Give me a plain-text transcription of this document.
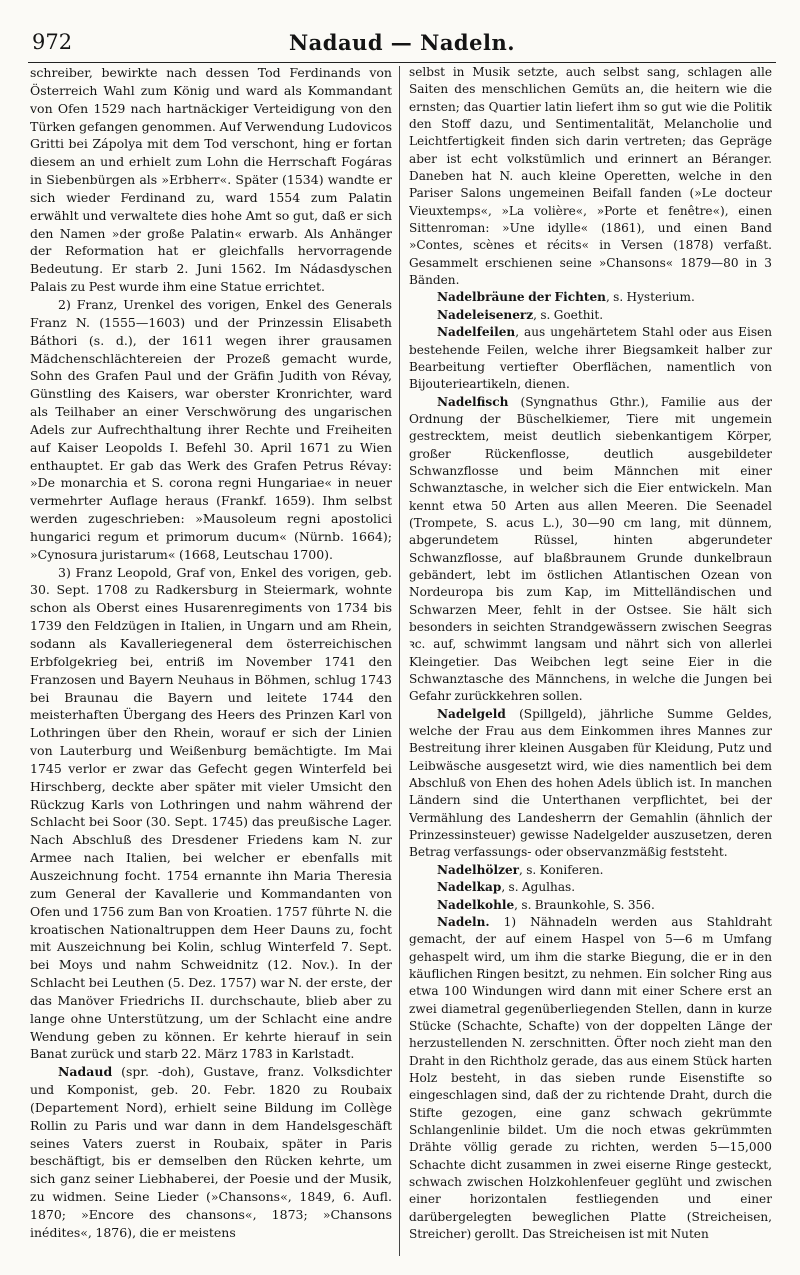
972	Nadaud — Nadeln.

schreiber, bewirkte nach dessen Tod Ferdinands von Österreich Wahl zum König und ward als Kommandant von Ofen 1529 nach hartnäckiger Verteidigung von den Türken gefangen genommen. Auf Verwendung Ludovicos Gritti bei Zápolya mit dem Tod verschont, hing er fortan diesem an und erhielt zum Lohn die Herrschaft Fogáras in Siebenbürgen als »Erbherr«. Später (1534) wandte er sich wieder Ferdinand zu, ward 1554 zum Palatin erwählt und verwaltete dies hohe Amt so gut, daß er sich den Namen »der große Palatin« erwarb. Als Anhänger der Reformation hat er gleichfalls hervorragende Bedeutung. Er starb 2. Juni 1562. Im Nádasdyschen Palais zu Pest wurde ihm eine Statue errichtet.

2) Franz, Urenkel des vorigen, Enkel des Generals Franz N. (1555—1603) und der Prinzessin Elisabeth Báthori (s. d.), der 1611 wegen ihrer grausamen Mädchenschlächtereien der Prozeß gemacht wurde, Sohn des Grafen Paul und der Gräfin Judith von Révay, Günstling des Kaisers, war oberster Kronrichter, ward als Teilhaber an einer Verschwörung des ungarischen Adels zur Aufrechthaltung ihrer Rechte und Freiheiten auf Kaiser Leopolds I. Befehl 30. April 1671 zu Wien enthauptet. Er gab das Werk des Grafen Petrus Révay: »De monarchia et S. corona regni Hungariae« in neuer vermehrter Auflage heraus (Frankf. 1659). Ihm selbst werden zugeschrieben: »Mausoleum regni apostolici hungarici regum et primorum ducum« (Nürnb. 1664); »Cynosura juristarum« (1668, Leutschau 1700).

3) Franz Leopold, Graf von, Enkel des vorigen, geb. 30. Sept. 1708 zu Radkersburg in Steiermark, wohnte schon als Oberst eines Husarenregiments von 1734 bis 1739 den Feldzügen in Italien, in Ungarn und am Rhein, sodann als Kavalleriegeneral dem österreichischen Erbfolgekrieg bei, entriß im November 1741 den Franzosen und Bayern Neuhaus in Böhmen, schlug 1743 bei Braunau die Bayern und leitete 1744 den meisterhaften Übergang des Heers des Prinzen Karl von Lothringen über den Rhein, worauf er sich der Linien von Lauterburg und Weißenburg bemächtigte. Im Mai 1745 verlor er zwar das Gefecht gegen Winterfeld bei Hirschberg, deckte aber später mit vieler Umsicht den Rückzug Karls von Lothringen und nahm während der Schlacht bei Soor (30. Sept. 1745) das preußische Lager. Nach Abschluß des Dresdener Friedens kam N. zur Armee nach Italien, bei welcher er ebenfalls mit Auszeichnung focht. 1754 ernannte ihn Maria Theresia zum General der Kavallerie und Kommandanten von Ofen und 1756 zum Ban von Kroatien. 1757 führte N. die kroatischen Nationaltruppen dem Heer Dauns zu, focht mit Auszeichnung bei Kolin, schlug Winterfeld 7. Sept. bei Moys und nahm Schweidnitz (12. Nov.). In der Schlacht bei Leuthen (5. Dez. 1757) war N. der erste, der das Manöver Friedrichs II. durchschaute, blieb aber zu lange ohne Unterstützung, um der Schlacht eine andre Wendung geben zu können. Er kehrte hierauf in sein Banat zurück und starb 22. März 1783 in Karlstadt.

Nadaud (spr. -doh), Gustave, franz. Volksdichter und Komponist, geb. 20. Febr. 1820 zu Roubaix (Departement Nord), erhielt seine Bildung im Collège Rollin zu Paris und war dann in dem Handelsgeschäft seines Vaters zuerst in Roubaix, später in Paris beschäftigt, bis er demselben den Rücken kehrte, um sich ganz seiner Liebhaberei, der Poesie und der Musik, zu widmen. Seine Lieder (»Chansons«, 1849, 6. Aufl. 1870; »Encore des chansons«, 1873; »Chansons inédites«, 1876), die er meistens

selbst in Musik setzte, auch selbst sang, schlagen alle Saiten des menschlichen Gemüts an, die heitern wie die ernsten; das Quartier latin liefert ihm so gut wie die Politik den Stoff dazu, und Sentimentalität, Melancholie und Leichtfertigkeit finden sich darin vertreten; das Gepräge aber ist echt volkstümlich und erinnert an Béranger. Daneben hat N. auch kleine Operetten, welche in den Pariser Salons ungemeinen Beifall fanden (»Le docteur Vieuxtemps«, »La volière«, »Porte et fenêtre«), einen Sittenroman: »Une idylle« (1861), und einen Band »Contes, scènes et récits« in Versen (1878) verfaßt. Gesammelt erschienen seine »Chansons« 1879—80 in 3 Bänden.

Nadelbräune der Fichten, s. Hysterium.

Nadeleisenerz, s. Goethit.

Nadelfeilen, aus ungehärtetem Stahl oder aus Eisen bestehende Feilen, welche ihrer Biegsamkeit halber zur Bearbeitung vertiefter Oberflächen, namentlich von Bijouterieartikeln, dienen.

Nadelfisch (Syngnathus Gthr.), Familie aus der Ordnung der Büschelkiemer, Tiere mit ungemein gestrecktem, meist deutlich siebenkantigem Körper, großer Rückenflosse, deutlich ausgebildeter Schwanzflosse und beim Männchen mit einer Schwanztasche, in welcher sich die Eier entwickeln. Man kennt etwa 50 Arten aus allen Meeren. Die Seenadel (Trompete, S. acus L.), 30—90 cm lang, mit dünnem, abgerundetem Rüssel, hinten abgerundeter Schwanzflosse, auf blaßbraunem Grunde dunkelbraun gebändert, lebt im östlichen Atlantischen Ozean von Nordeuropa bis zum Kap, im Mittelländischen und Schwarzen Meer, fehlt in der Ostsee. Sie hält sich besonders in seichten Strandgewässern zwischen Seegras ꝛc. auf, schwimmt langsam und nährt sich von allerlei Kleingetier. Das Weibchen legt seine Eier in die Schwanztasche des Männchens, in welche die Jungen bei Gefahr zurückkehren sollen.

Nadelgeld (Spillgeld), jährliche Summe Geldes, welche der Frau aus dem Einkommen ihres Mannes zur Bestreitung ihrer kleinen Ausgaben für Kleidung, Putz und Leibwäsche ausgesetzt wird, wie dies namentlich bei dem Abschluß von Ehen des hohen Adels üblich ist. In manchen Ländern sind die Unterthanen verpflichtet, bei der Vermählung des Landesherrn der Gemahlin (ähnlich der Prinzessinsteuer) gewisse Nadelgelder auszusetzen, deren Betrag verfassungs- oder observanzmäßig feststeht.

Nadelhölzer, s. Koniferen.

Nadelkap, s. Agulhas.

Nadelkohle, s. Braunkohle, S. 356.

Nadeln. 1) Nähnadeln werden aus Stahldraht gemacht, der auf einem Haspel von 5—6 m Umfang gehaspelt wird, um ihm die starke Biegung, die er in den käuflichen Ringen besitzt, zu nehmen. Ein solcher Ring aus etwa 100 Windungen wird dann mit einer Schere erst an zwei diametral gegenüberliegenden Stellen, dann in kurze Stücke (Schachte, Schafte) von der doppelten Länge der herzustellenden N. zerschnitten. Öfter noch zieht man den Draht in den Richtholz gerade, das aus einem Stück harten Holz besteht, in das sieben runde Eisenstifte so eingeschlagen sind, daß der zu richtende Draht, durch die Stifte gezogen, eine ganz schwach gekrümmte Schlangenlinie bildet. Um die noch etwas gekrümmten Drähte völlig gerade zu richten, werden 5—15,000 Schachte dicht zusammen in zwei eiserne Ringe gesteckt, schwach zwischen Holzkohlenfeuer geglüht und zwischen einer horizontalen festliegenden und einer darübergelegten beweglichen Platte (Streicheisen, Streicher) gerollt. Das Streicheisen ist mit Nuten
